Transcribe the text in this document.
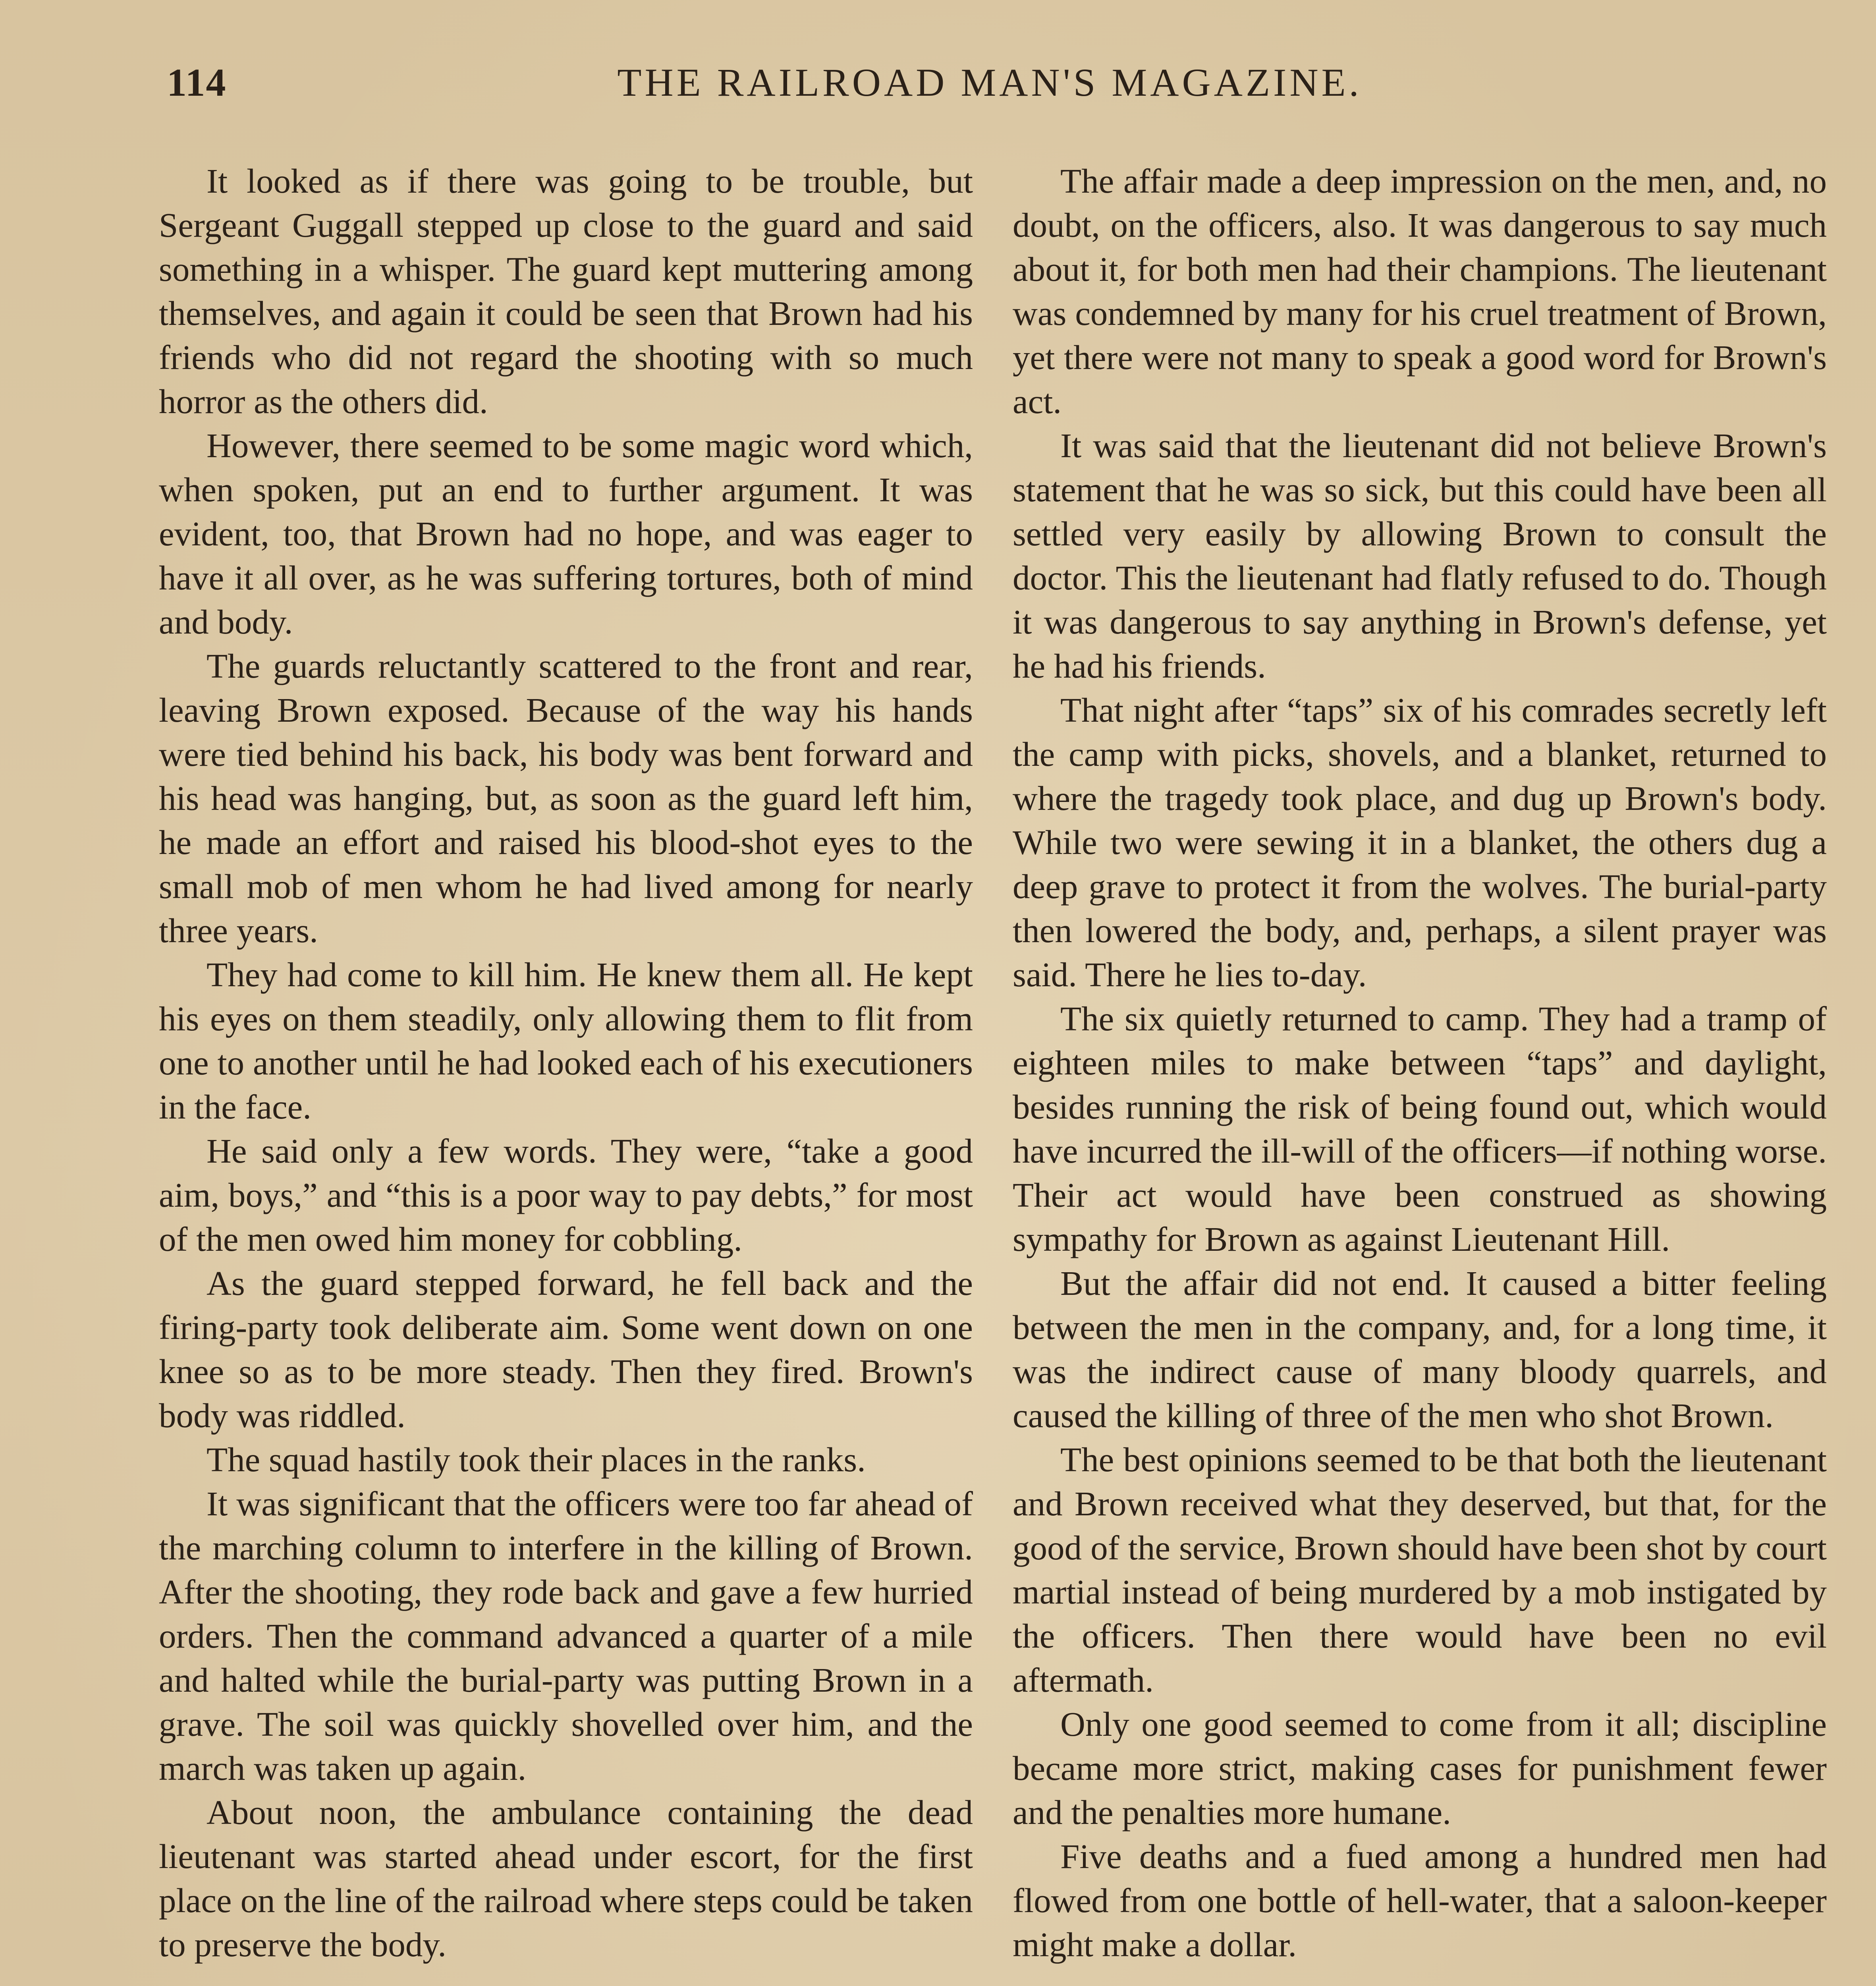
114	THE RAILROAD MAN'S MAGAZINE.

It looked as if there was going to be trouble, but Sergeant Guggall stepped up close to the guard and said something in a whisper. The guard kept muttering among themselves, and again it could be seen that Brown had his friends who did not regard the shooting with so much horror as the others did.

However, there seemed to be some magic word which, when spoken, put an end to further argument. It was evident, too, that Brown had no hope, and was eager to have it all over, as he was suffering tortures, both of mind and body.

The guards reluctantly scattered to the front and rear, leaving Brown exposed. Because of the way his hands were tied behind his back, his body was bent forward and his head was hanging, but, as soon as the guard left him, he made an effort and raised his blood-shot eyes to the small mob of men whom he had lived among for nearly three years.

They had come to kill him. He knew them all. He kept his eyes on them steadily, only allowing them to flit from one to another until he had looked each of his executioners in the face.

He said only a few words. They were, “take a good aim, boys,” and “this is a poor way to pay debts,” for most of the men owed him money for cobbling.

As the guard stepped forward, he fell back and the firing-party took deliberate aim. Some went down on one knee so as to be more steady. Then they fired. Brown's body was riddled.

The squad hastily took their places in the ranks.

It was significant that the officers were too far ahead of the marching column to interfere in the killing of Brown. After the shooting, they rode back and gave a few hurried orders. Then the command advanced a quarter of a mile and halted while the burial-party was putting Brown in a grave. The soil was quickly shovelled over him, and the march was taken up again.

About noon, the ambulance containing the dead lieutenant was started ahead under escort, for the first place on the line of the railroad where steps could be taken to preserve the body.

The affair made a deep impression on the men, and, no doubt, on the officers, also. It was dangerous to say much about it, for both men had their champions. The lieutenant was condemned by many for his cruel treatment of Brown, yet there were not many to speak a good word for Brown's act.

It was said that the lieutenant did not believe Brown's statement that he was so sick, but this could have been all settled very easily by allowing Brown to consult the doctor. This the lieutenant had flatly refused to do. Though it was dangerous to say anything in Brown's defense, yet he had his friends.

That night after “taps” six of his comrades secretly left the camp with picks, shovels, and a blanket, returned to where the tragedy took place, and dug up Brown's body. While two were sewing it in a blanket, the others dug a deep grave to protect it from the wolves. The burial-party then lowered the body, and, perhaps, a silent prayer was said. There he lies to-day.

The six quietly returned to camp. They had a tramp of eighteen miles to make between “taps” and daylight, besides running the risk of being found out, which would have incurred the ill-will of the officers—if nothing worse. Their act would have been construed as showing sympathy for Brown as against Lieutenant Hill.

But the affair did not end. It caused a bitter feeling between the men in the company, and, for a long time, it was the indirect cause of many bloody quarrels, and caused the killing of three of the men who shot Brown.

The best opinions seemed to be that both the lieutenant and Brown received what they deserved, but that, for the good of the service, Brown should have been shot by court martial instead of being murdered by a mob instigated by the officers. Then there would have been no evil aftermath.

Only one good seemed to come from it all; discipline became more strict, making cases for punishment fewer and the penalties more humane.

Five deaths and a fued among a hundred men had flowed from one bottle of hell-water, that a saloon-keeper might make a dollar.
